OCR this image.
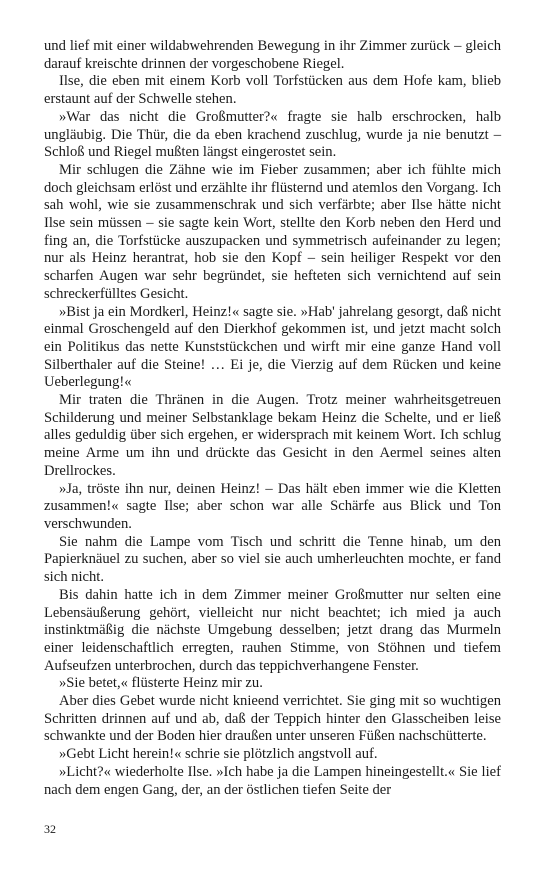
und lief mit einer wildabwehrenden Bewegung in ihr Zimmer zurück – gleich darauf kreischte drinnen der vorgeschobene Riegel.

Ilse, die eben mit einem Korb voll Torfstücken aus dem Hofe kam, blieb erstaunt auf der Schwelle stehen.

»War das nicht die Großmutter?« fragte sie halb erschrocken, halb ungläubig. Die Thür, die da eben krachend zuschlug, wurde ja nie benutzt – Schloß und Riegel mußten längst eingerostet sein.

Mir schlugen die Zähne wie im Fieber zusammen; aber ich fühlte mich doch gleichsam erlöst und erzählte ihr flüsternd und atemlos den Vorgang. Ich sah wohl, wie sie zusammenschrak und sich verfärbte; aber Ilse hätte nicht Ilse sein müssen – sie sagte kein Wort, stellte den Korb neben den Herd und fing an, die Torfstücke auszupacken und symmetrisch aufeinander zu legen; nur als Heinz herantrat, hob sie den Kopf – sein heiliger Respekt vor den scharfen Augen war sehr begründet, sie hefteten sich vernichtend auf sein schreckerfülltes Gesicht.

»Bist ja ein Mordkerl, Heinz!« sagte sie. »Hab' jahrelang gesorgt, daß nicht einmal Groschengeld auf den Dierkhof gekommen ist, und jetzt macht solch ein Politikus das nette Kunststückchen und wirft mir eine ganze Hand voll Silberthaler auf die Steine! … Ei je, die Vierzig auf dem Rücken und keine Ueberlegung!«

Mir traten die Thränen in die Augen. Trotz meiner wahrheitsgetreuen Schilderung und meiner Selbstanklage bekam Heinz die Schelte, und er ließ alles geduldig über sich ergehen, er widersprach mit keinem Wort. Ich schlug meine Arme um ihn und drückte das Gesicht in den Aermel seines alten Drellrockes.

»Ja, tröste ihn nur, deinen Heinz! – Das hält eben immer wie die Kletten zusammen!« sagte Ilse; aber schon war alle Schärfe aus Blick und Ton verschwunden.

Sie nahm die Lampe vom Tisch und schritt die Tenne hinab, um den Papierknäuel zu suchen, aber so viel sie auch umherleuchten mochte, er fand sich nicht.

Bis dahin hatte ich in dem Zimmer meiner Großmutter nur selten eine Lebensäußerung gehört, vielleicht nur nicht beachtet; ich mied ja auch instinktmäßig die nächste Umgebung desselben; jetzt drang das Murmeln einer leidenschaftlich erregten, rauhen Stimme, von Stöhnen und tiefem Aufseufzen unterbrochen, durch das teppichverhangene Fenster.

»Sie betet,« flüsterte Heinz mir zu.

Aber dies Gebet wurde nicht knieend verrichtet. Sie ging mit so wuchtigen Schritten drinnen auf und ab, daß der Teppich hinter den Glasscheiben leise schwankte und der Boden hier draußen unter unseren Füßen nachschütterte.

»Gebt Licht herein!« schrie sie plötzlich angstvoll auf.

»Licht?« wiederholte Ilse. »Ich habe ja die Lampen hineingestellt.« Sie lief nach dem engen Gang, der, an der östlichen tiefen Seite der

32
